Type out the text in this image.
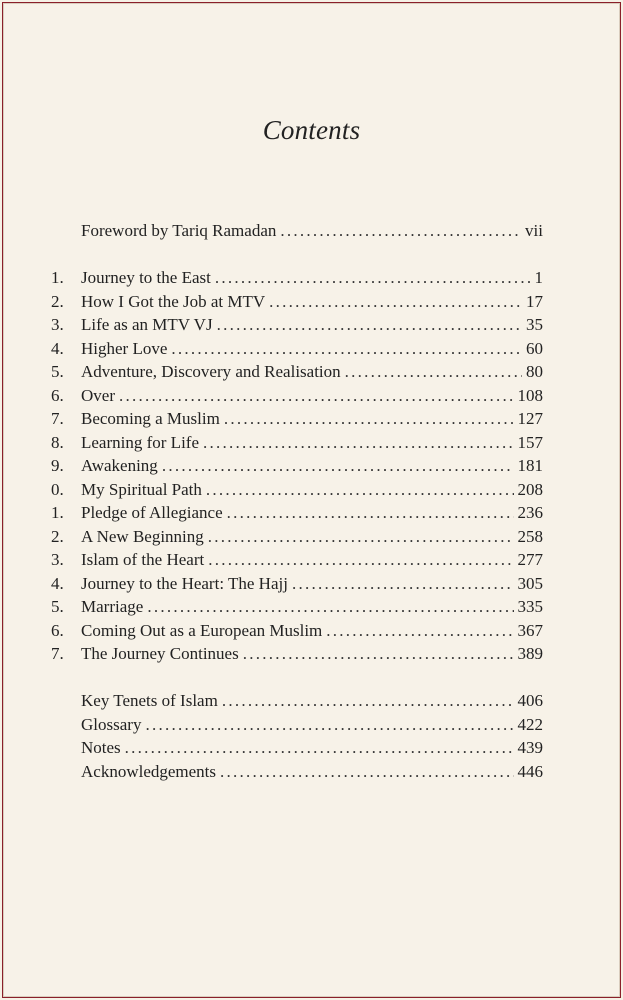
Contents
Foreword by Tariq Ramadan . . .	vii
1.	Journey to the East . . .	1
2.	How I Got the Job at MTV . . .	17
3.	Life as an MTV VJ . . .	35
4.	Higher Love . . .	60
5.	Adventure, Discovery and Realisation . . .	80
6.	Over . . .	108
7.	Becoming a Muslim . . .	127
8.	Learning for Life . . .	157
9.	Awakening . . .	181
0.	My Spiritual Path . . .	208
1.	Pledge of Allegiance . . .	236
2.	A New Beginning . . .	258
3.	Islam of the Heart . . .	277
4.	Journey to the Heart: The Hajj . . .	305
5.	Marriage . . .	335
6.	Coming Out as a European Muslim . . .	367
7.	The Journey Continues . . .	389
Key Tenets of Islam . . .	406
Glossary . . .	422
Notes . . .	439
Acknowledgements . . .	446
